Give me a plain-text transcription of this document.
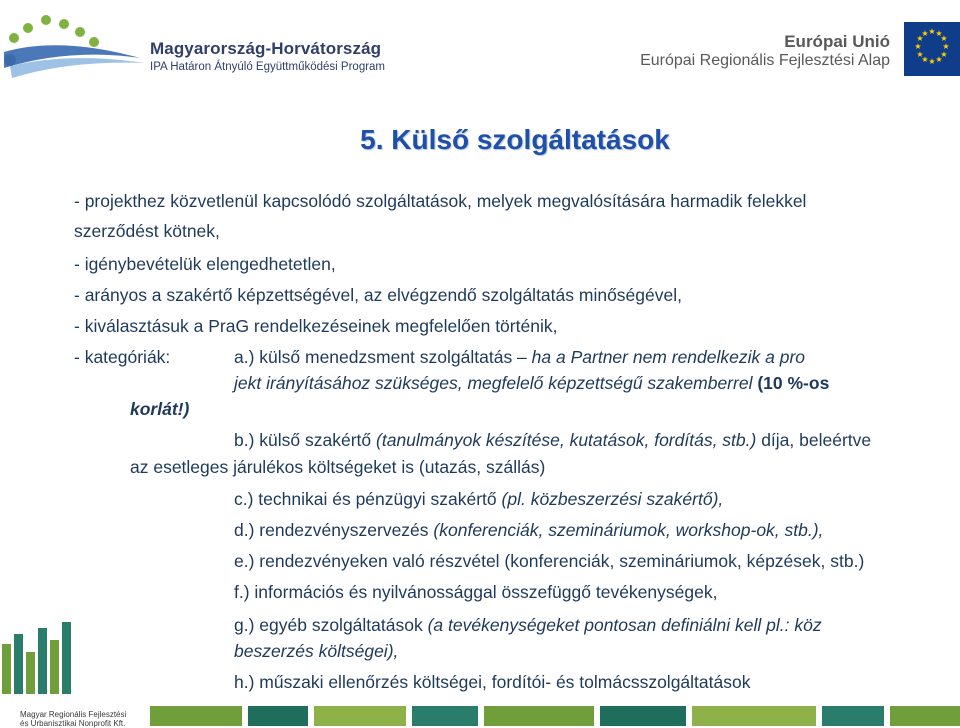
Magyarország-Horvátország
IPA Határon Átnyúló Együttműködési Program
Európai Unió
Európai Regionális Fejlesztési Alap
★ ★
★
★
★
★
★
★
★
★
★
★
5. Külső szolgáltatások
- projekthez közvetlenül kapcsolódó szolgáltatások, melyek megvalósítására harmadik felekkel
szerződést kötnek,
- igénybevételük elengedhetetlen,
- arányos a szakértő képzettségével, az elvégzendő szolgáltatás minőségével,
- kiválasztásuk a PraG rendelkezéseinek megfelelően történik,
- kategóriák:	a.) külső menedzsment szolgáltatás – ha a Partner nem rendelkezik a pro
jekt irányításához szükséges, megfelelő képzettségű szakemberrel (10 %-os
korlát!)
b.) külső szakértő (tanulmányok készítése, kutatások, fordítás, stb.) díja, beleértve
az esetleges járulékos költségeket is (utazás, szállás)
c.) technikai és pénzügyi szakértő (pl. közbeszerzési szakértő),
d.) rendezvényszervezés (konferenciák, szemináriumok, workshop-ok, stb.),
e.) rendezvényeken való részvétel (konferenciák, szemináriumok, képzések, stb.)
f.) információs és nyilvánossággal összefüggő tevékenységek,
g.) egyéb szolgáltatások (a tevékenységeket pontosan definiálni kell pl.: köz
beszerzés költségei),
h.) műszaki ellenőrzés költségei, fordítói- és tolmácsszolgáltatások
Magyar Regionális Fejlesztési
és Urbanisztikai Nonprofit Kft.
